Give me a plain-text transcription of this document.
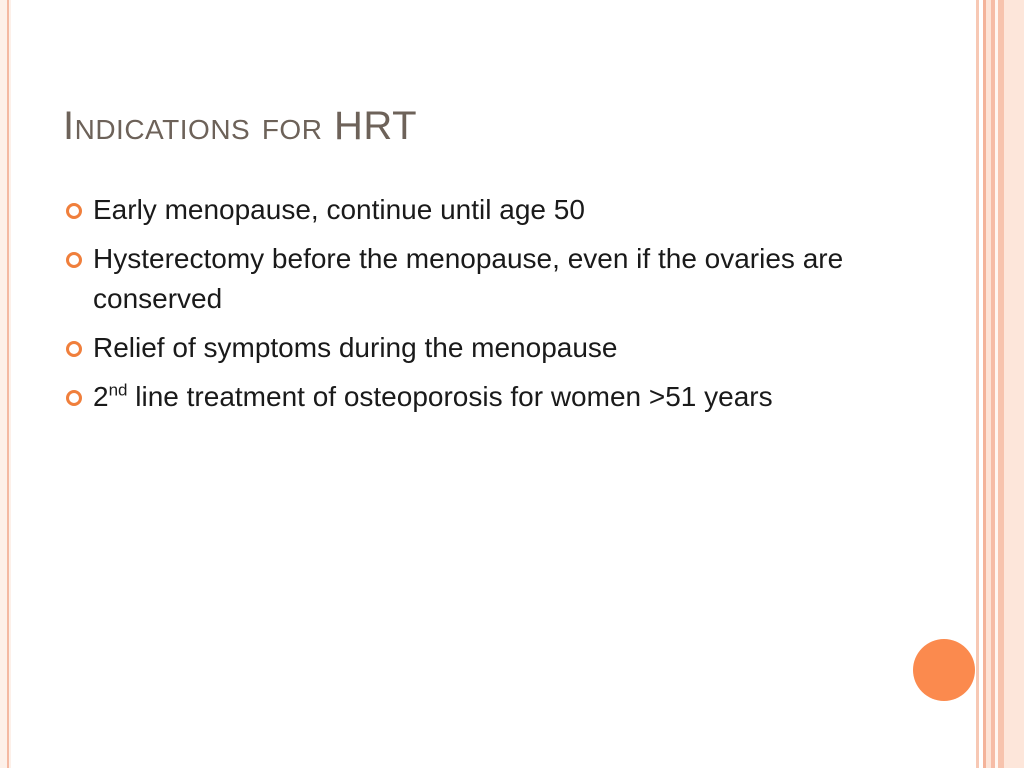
Indications for HRT
Early menopause, continue until age 50
Hysterectomy before the menopause, even if the ovaries are conserved
Relief of symptoms during the menopause
2nd line treatment of osteoporosis for women >51 years
